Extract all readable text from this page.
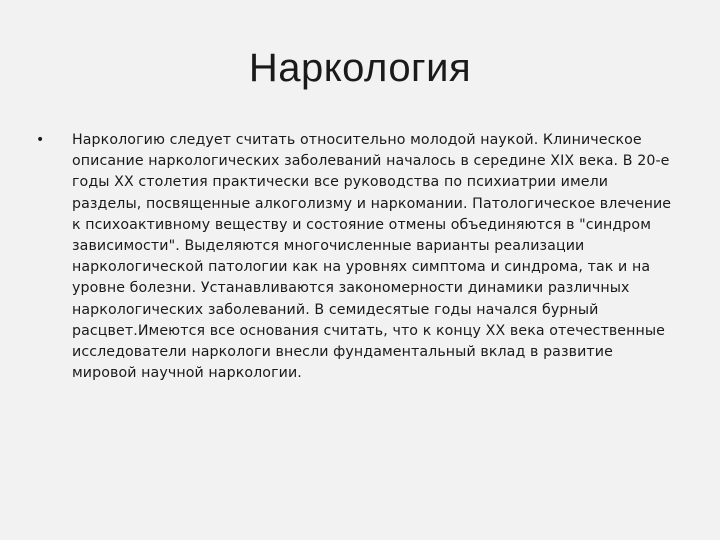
Наркология
•	Наркологию следует считать относительно молодой наукой. Клиническое описание наркологических заболеваний началось в середине XIX века. В 20-е годы XX столетия практически все руководства по психиатрии имели разделы, посвященные алкоголизму и наркомании. Патологическое влечение к психоактивному веществу и состояние отмены объединяются в "синдром зависимости". Выделяются многочисленные варианты реализации наркологической патологии как на уровнях симптома и синдрома, так и на уровне болезни. Устанавливаются закономерности динамики различных наркологических заболеваний. В семидесятые годы начался бурный расцвет.Имеются все основания считать, что к концу XX века отечественные исследователи наркологи внесли фундаментальный вклад в развитие мировой научной наркологии.
